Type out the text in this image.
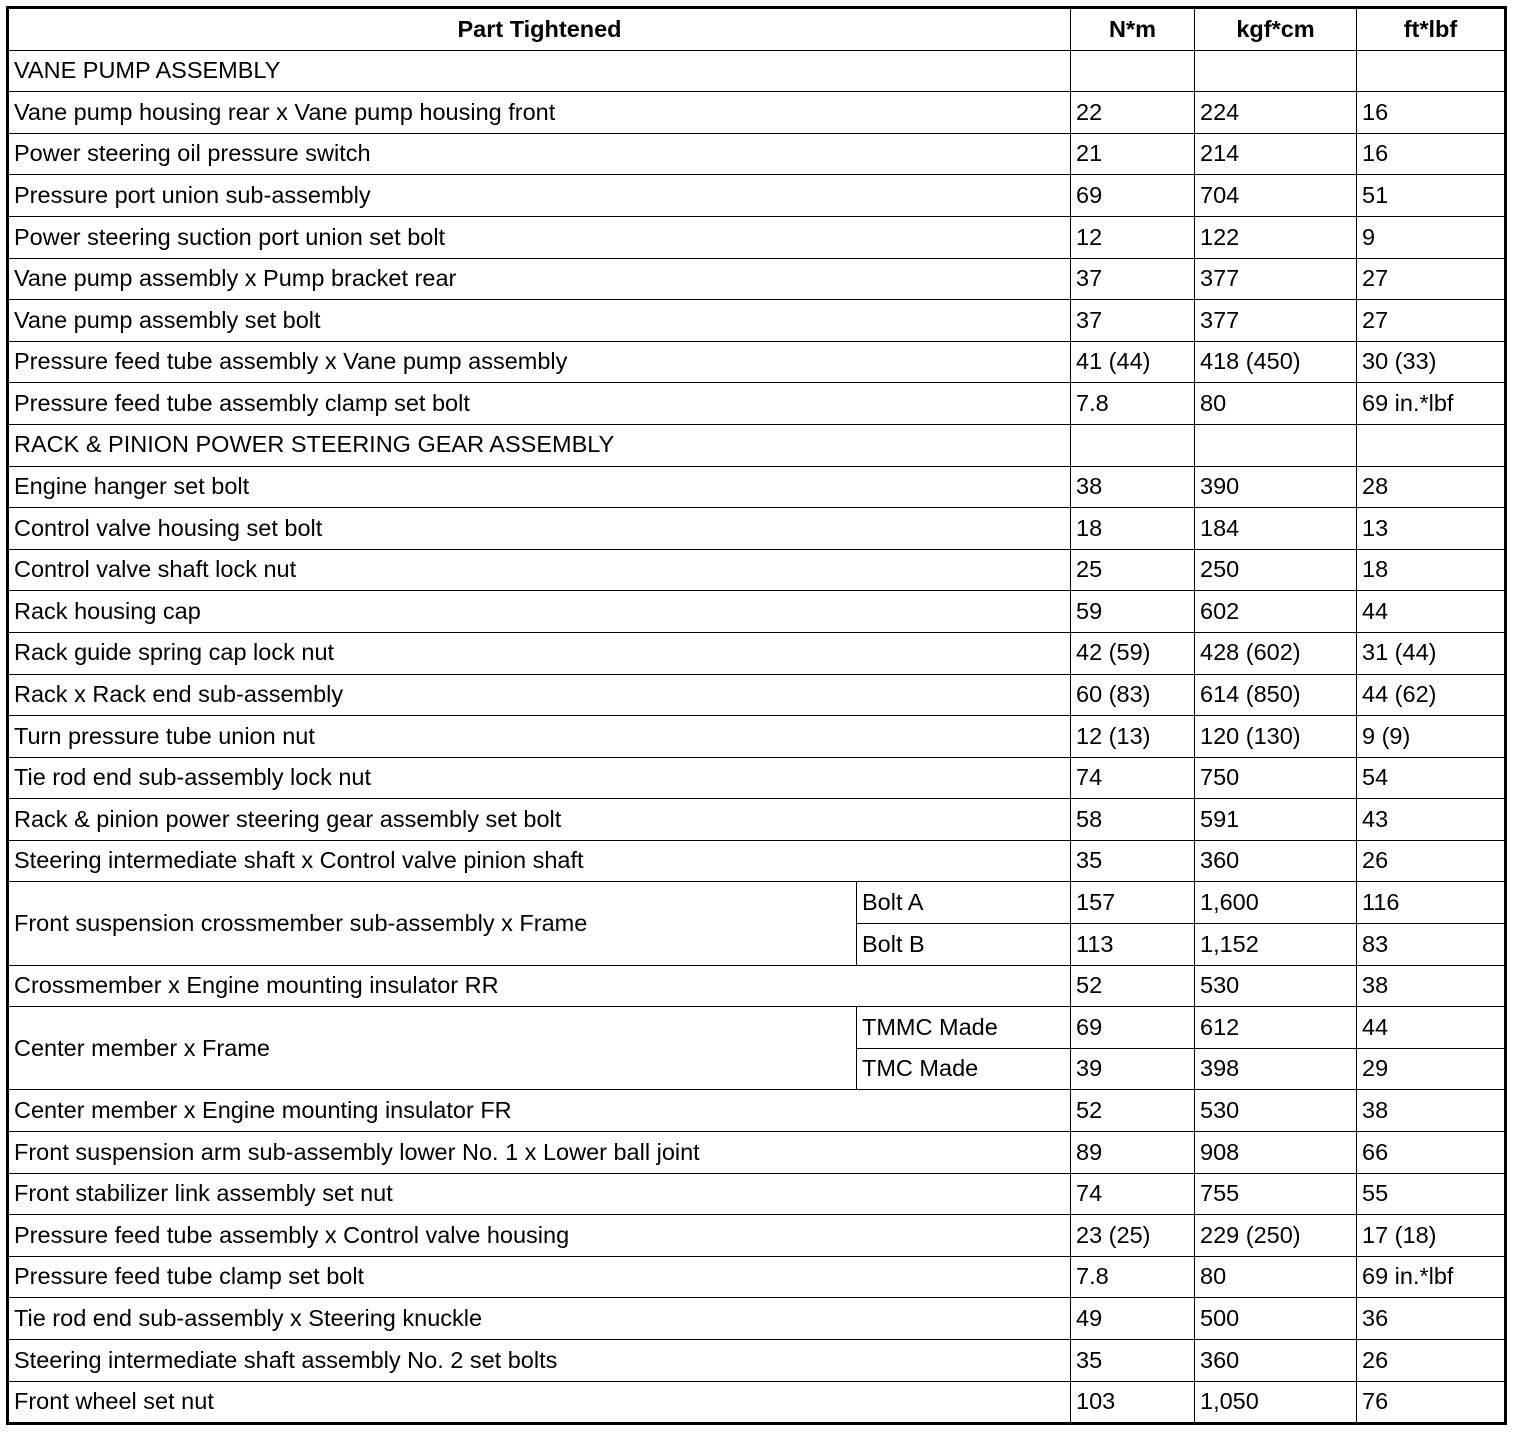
Part Tightened		N*m	kgf*cm	ft*lbf
VANE PUMP ASSEMBLY				
Vane pump housing rear x Vane pump housing front		22	224	16
Power steering oil pressure switch		21	214	16
Pressure port union sub-assembly		69	704	51
Power steering suction port union set bolt		12	122	9
Vane pump assembly x Pump bracket rear		37	377	27
Vane pump assembly set bolt		37	377	27
Pressure feed tube assembly x Vane pump assembly		41 (44)	418 (450)	30 (33)
Pressure feed tube assembly clamp set bolt		7.8	80	69 in.*lbf
RACK & PINION POWER STEERING GEAR ASSEMBLY				
Engine hanger set bolt		38	390	28
Control valve housing set bolt		18	184	13
Control valve shaft lock nut		25	250	18
Rack housing cap		59	602	44
Rack guide spring cap lock nut		42 (59)	428 (602)	31 (44)
Rack x Rack end sub-assembly		60 (83)	614 (850)	44 (62)
Turn pressure tube union nut		12 (13)	120 (130)	9 (9)
Tie rod end sub-assembly lock nut		74	750	54
Rack & pinion power steering gear assembly set bolt		58	591	43
Steering intermediate shaft x Control valve pinion shaft		35	360	26
Front suspension crossmember sub-assembly x Frame	Bolt A	157	1,600	116
	Bolt B	113	1,152	83
Crossmember x Engine mounting insulator RR		52	530	38
Center member x Frame	TMMC Made	69	612	44
	TMC Made	39	398	29
Center member x Engine mounting insulator FR		52	530	38
Front suspension arm sub-assembly lower No. 1 x Lower ball joint		89	908	66
Front stabilizer link assembly set nut		74	755	55
Pressure feed tube assembly x Control valve housing		23 (25)	229 (250)	17 (18)
Pressure feed tube clamp set bolt		7.8	80	69 in.*lbf
Tie rod end sub-assembly x Steering knuckle		49	500	36
Steering intermediate shaft assembly No. 2 set bolts		35	360	26
Front wheel set nut		103	1,050	76
